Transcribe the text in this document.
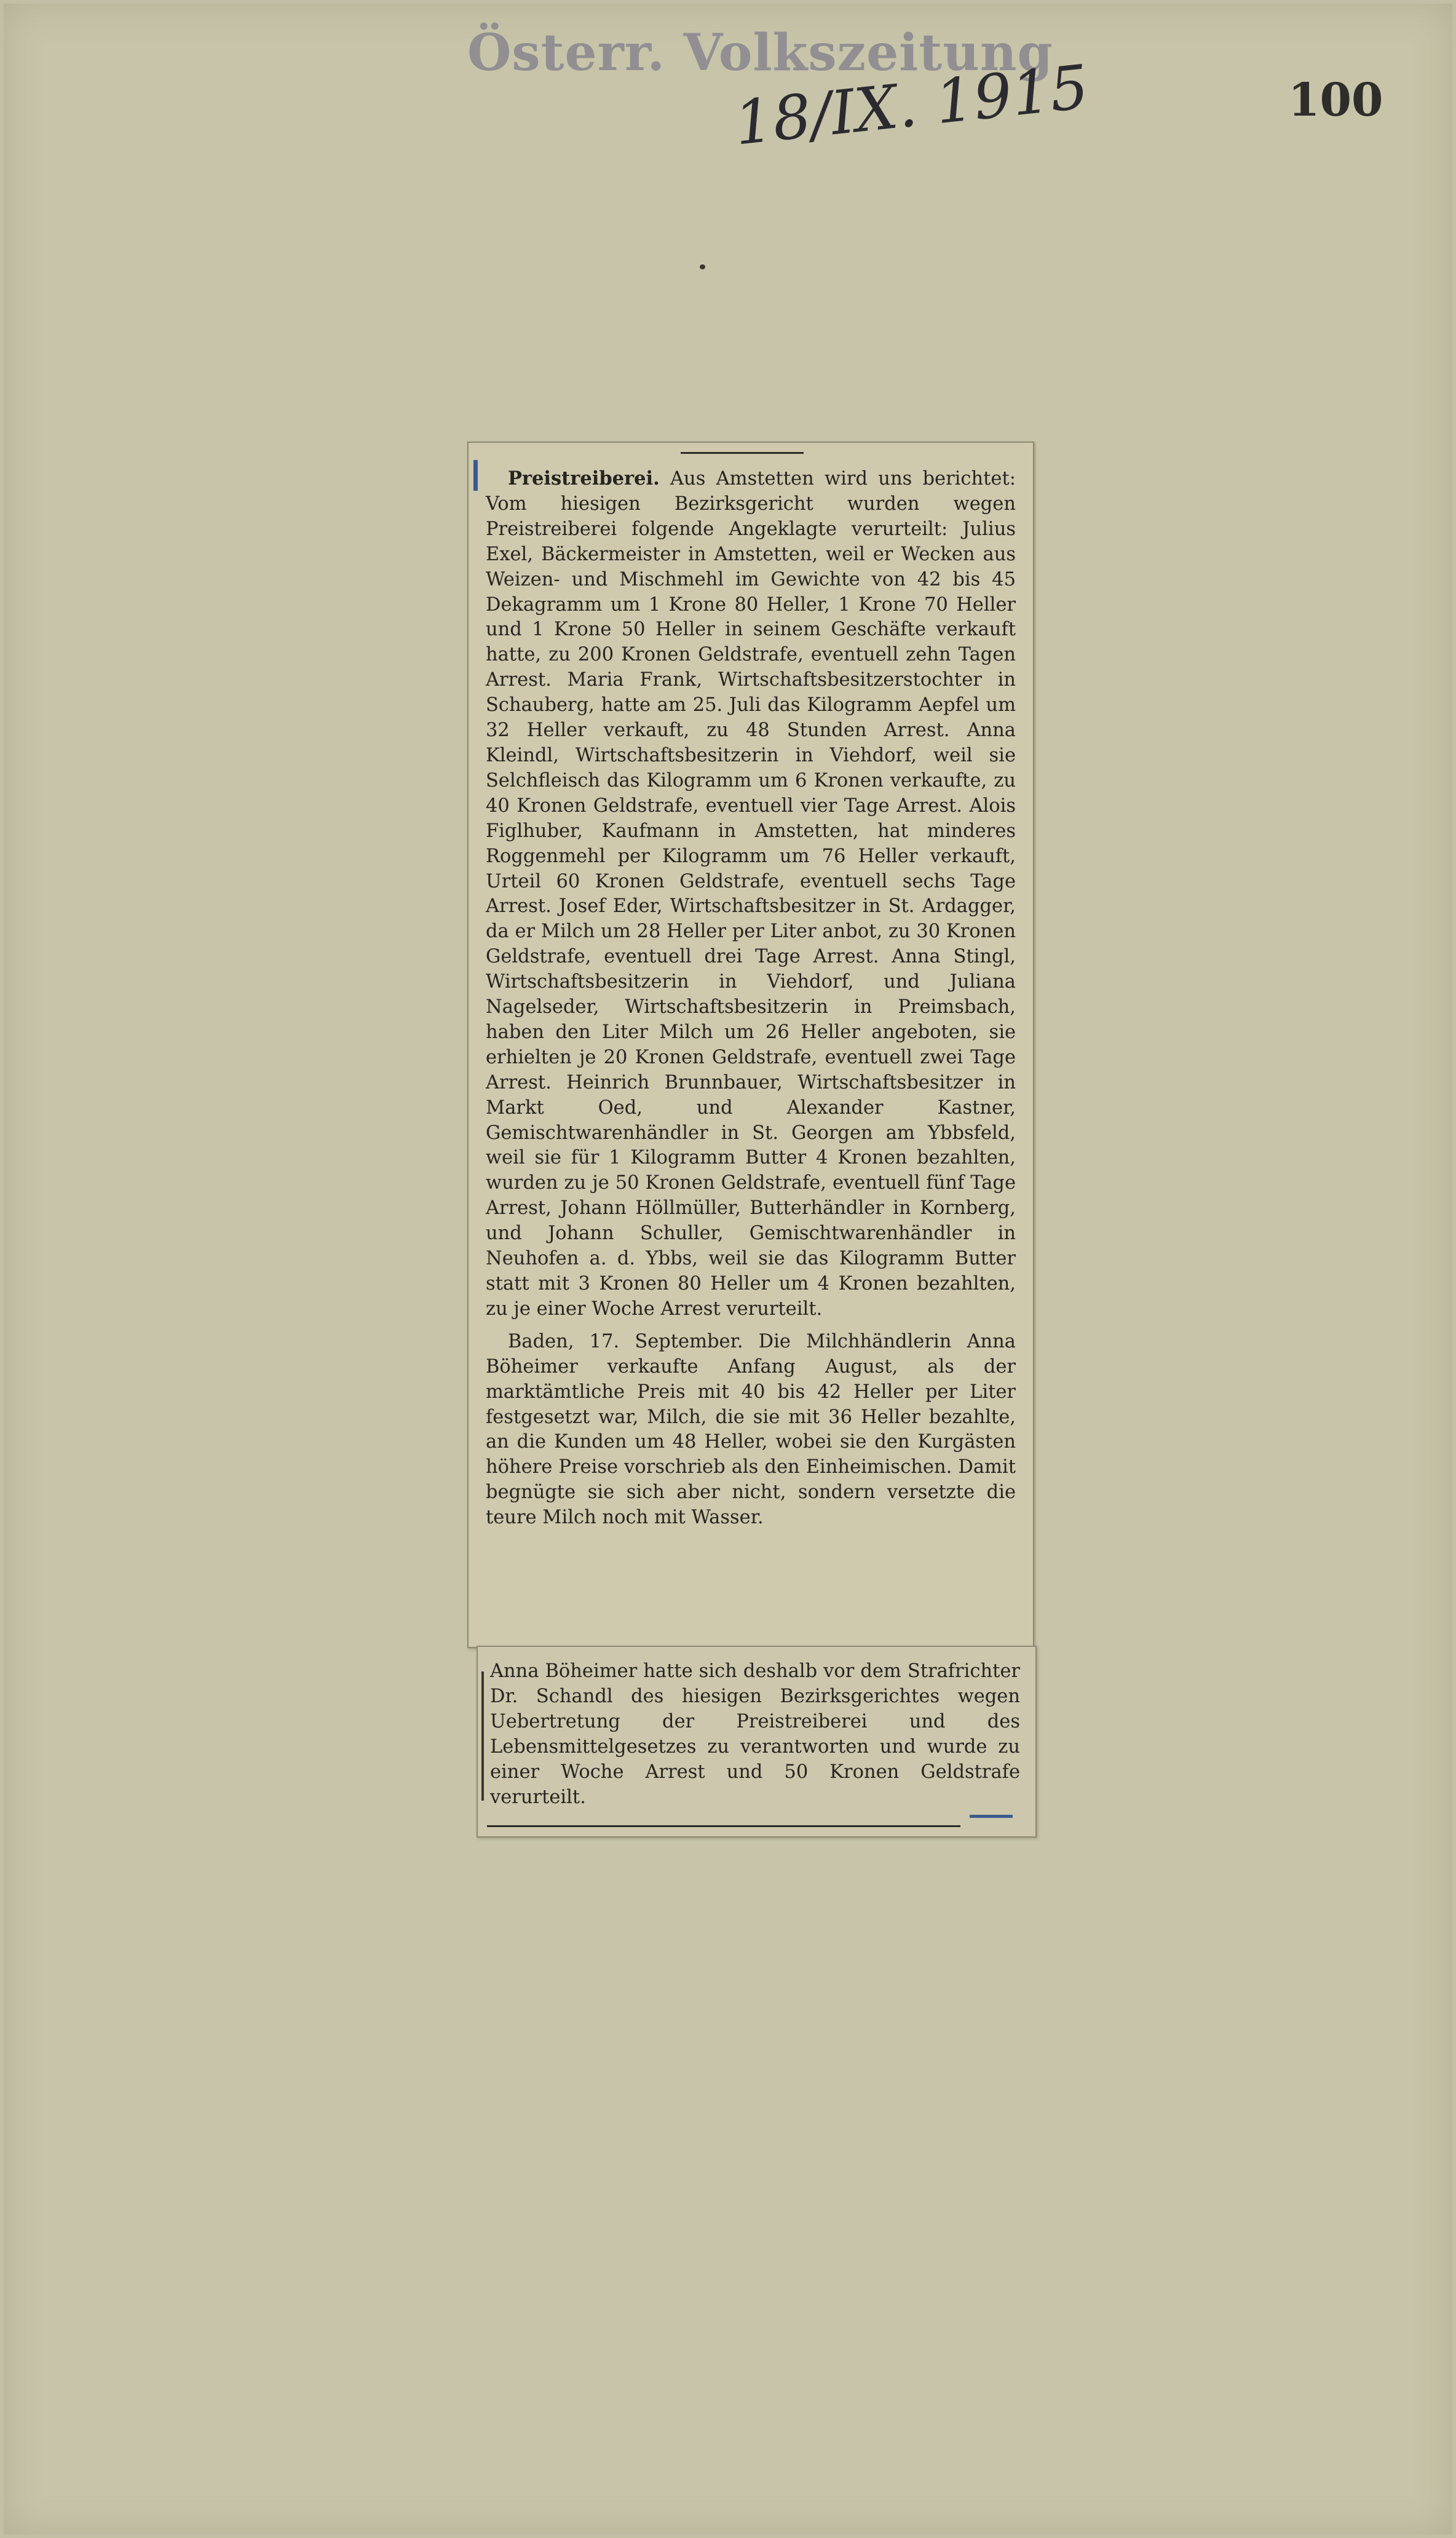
Österr. Volkszeitung
18/IX. 1915	100

Preistreiberei. Aus Amstetten wird uns berichtet: Vom hiesigen Bezirksgericht wurden wegen Preistreiberei folgende Angeklagte verurteilt: Julius Exel, Bäckermeister in Amstetten, weil er Wecken aus Weizen- und Mischmehl im Gewichte von 42 bis 45 Dekagramm um 1 Krone 80 Heller, 1 Krone 70 Heller und 1 Krone 50 Heller in seinem Geschäfte verkauft hatte, zu 200 Kronen Geldstrafe, eventuell zehn Tagen Arrest. Maria Frank, Wirtschaftsbesitzerstochter in Schauberg, hatte am 25. Juli das Kilogramm Aepfel um 32 Heller verkauft, zu 48 Stunden Arrest. Anna Kleindl, Wirtschaftsbesitzerin in Viehdorf, weil sie Selchfleisch das Kilogramm um 6 Kronen verkaufte, zu 40 Kronen Geldstrafe, eventuell vier Tage Arrest. Alois Figlhuber, Kaufmann in Amstetten, hat minderes Roggenmehl per Kilogramm um 76 Heller verkauft, Urteil 60 Kronen Geldstrafe, eventuell sechs Tage Arrest. Josef Eder, Wirtschaftsbesitzer in St. Ardagger, da er Milch um 28 Heller per Liter anbot, zu 30 Kronen Geldstrafe, eventuell drei Tage Arrest. Anna Stingl, Wirtschaftsbesitzerin in Viehdorf, und Juliana Nagelseder, Wirtschaftsbesitzerin in Preimsbach, haben den Liter Milch um 26 Heller angeboten, sie erhielten je 20 Kronen Geldstrafe, eventuell zwei Tage Arrest. Heinrich Brunnbauer, Wirtschaftsbesitzer in Markt Oed, und Alexander Kastner, Gemischtwarenhändler in St. Georgen am Ybbsfeld, weil sie für 1 Kilogramm Butter 4 Kronen bezahlten, wurden zu je 50 Kronen Geldstrafe, eventuell fünf Tage Arrest, Johann Höllmüller, Butterhändler in Kornberg, und Johann Schuller, Gemischtwarenhändler in Neuhofen a. d. Ybbs, weil sie das Kilogramm Butter statt mit 3 Kronen 80 Heller um 4 Kronen bezahlten, zu je einer Woche Arrest verurteilt.

Baden, 17. September. Die Milchhändlerin Anna Böheimer verkaufte Anfang August, als der marktämtliche Preis mit 40 bis 42 Heller per Liter festgesetzt war, Milch, die sie mit 36 Heller bezahlte, an die Kunden um 48 Heller, wobei sie den Kurgästen höhere Preise vorschrieb als den Einheimischen. Damit begnügte sie sich aber nicht, sondern versetzte die teure Milch noch mit Wasser.

Anna Böheimer hatte sich deshalb vor dem Strafrichter Dr. Schandl des hiesigen Bezirksgerichtes wegen Uebertretung der Preistreiberei und des Lebensmittelgesetzes zu verantworten und wurde zu einer Woche Arrest und 50 Kronen Geldstrafe verurteilt.
